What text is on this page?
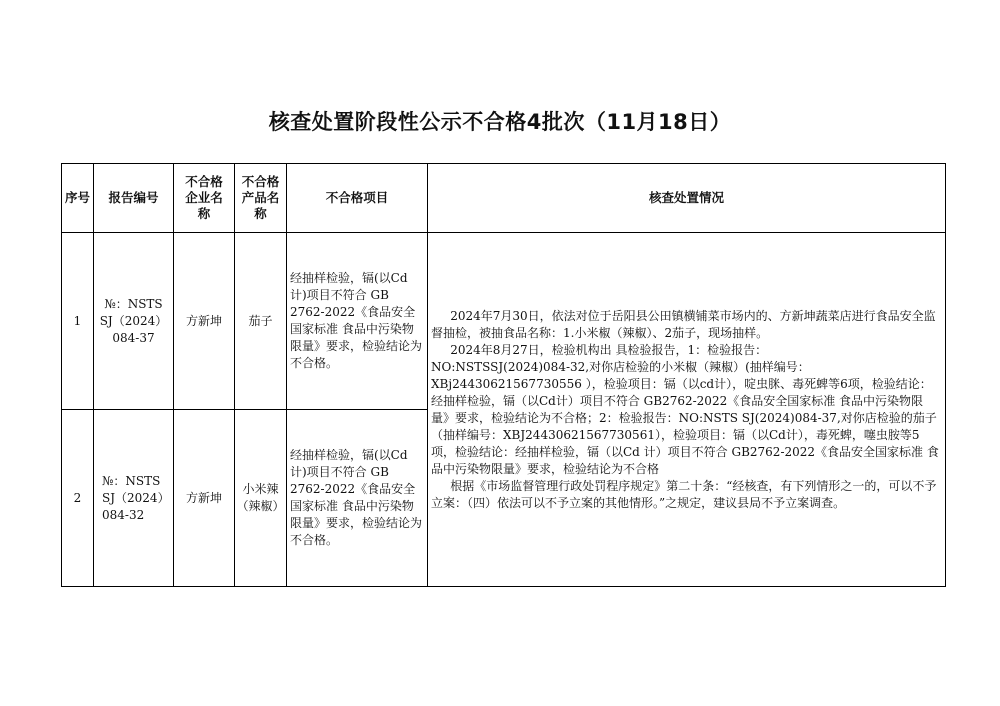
核查处置阶段性公示不合格4批次（11月18日）
序号	报告编号	不合格企业名称	不合格产品名称	不合格项目	核查处置情况
1	№：NSTS SJ（2024）084-37	方新坤	茄子	经抽样检验，镉(以Cd 计)项目不符合 GB 2762-2022《食品安全国家标准 食品中污染物限量》要求，检验结论为不合格。	2024年7月30日，依法对位于岳阳县公田镇横铺菜市场内的、方新坤蔬菜店进行食品安全监督抽检，被抽食品名称：1.小米椒（辣椒）、2茄子，现场抽样。

2024年8月27日，检验机构出 具检验报告，1：检验报告：

NO:NSTSSJ(2024)084-32,对你店检验的小米椒（辣椒）(抽样编号：XBj24430621567730556 ），检验项目：镉（以cd计），啶虫脒、毒死蜱等6项，检验结论：经抽样检验，镉（以Cd计）项目不符合 GB2762-2022《食品安全国家标准 食品中污染物限量》要求，检验结论为不合格；2：检验报告：NO:NSTS SJ(2024)084-37,对你店检验的茄子（抽样编号：XBJ24430621567730561），检验项目：镉（以Cd计），毒死蜱，噻虫胺等5项，检验结论：经抽样检验，镉（以Cd 计）项目不符合 GB2762-2022《食品安全国家标准 食品中污染物限量》要求，检验结论为不合格

根据《市场监督管理行政处罚程序规定》第二十条：“经核查，有下列情形之一的，可以不予立案：（四）依法可以不予立案的其他情形。”之规定，建议县局不予立案调查。

2	№：NSTS SJ（2024）084-32	方新坤	小米辣（辣椒）	经抽样检验，镉(以Cd 计)项目不符合 GB 2762-2022《食品安全国家标准 食品中污染物限量》要求，检验结论为不合格。	
